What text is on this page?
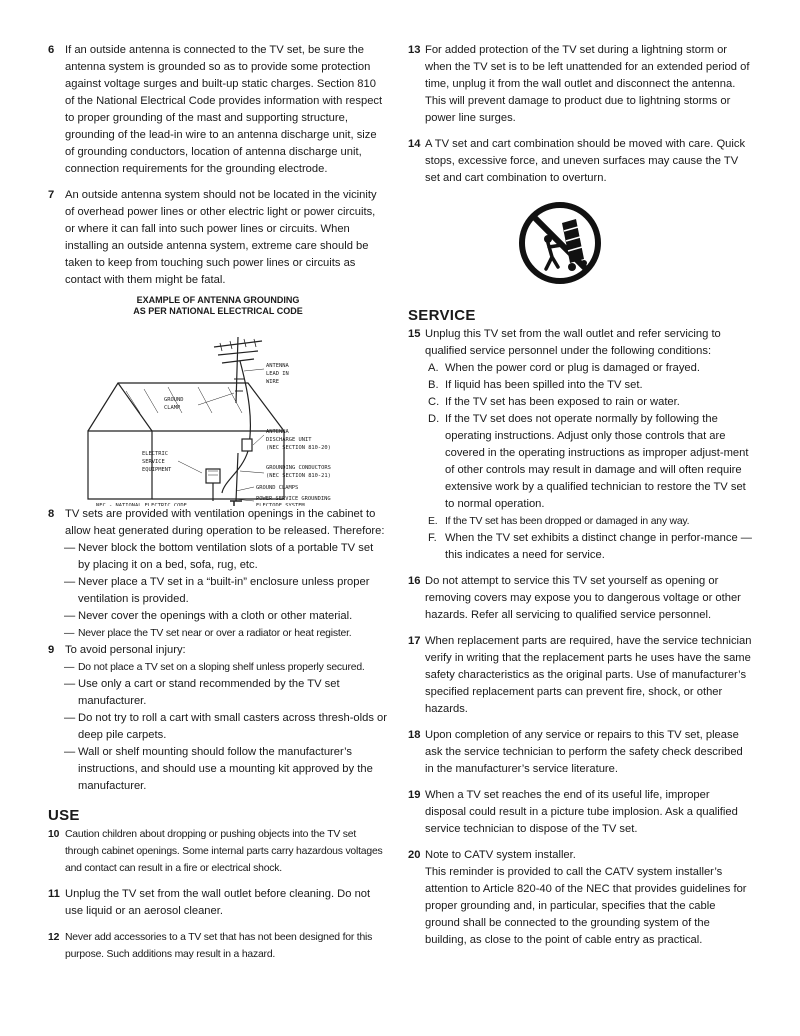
6 If an outside antenna is connected to the TV set, be sure the antenna system is grounded so as to provide some protection against voltage surges and built-up static charges. Section 810 of the National Electrical Code provides information with respect to proper grounding of the mast and supporting structure, grounding of the lead-in wire to an antenna discharge unit, size of grounding conductors, location of antenna discharge unit, connection requirements for the grounding electrode.

7 An outside antenna system should not be located in the vicinity of overhead power lines or other electric light or power circuits, or where it can fall into such power lines or circuits. When installing an outside antenna system, extreme care should be taken to keep from touching such power lines or circuits as contact with them might be fatal.

EXAMPLE OF ANTENNA GROUNDING
AS PER NATIONAL ELECTRICAL CODE
ANTENNA
LEAD IN
WIRE
GROUND
CLAMP
ANTENNA
DISCHARGE UNIT
(NEC SECTION 810-20)
ELECTRIC
SERVICE
EQUIPMENT	GROUNDING CONDUCTORS
(NEC SECTION 810-21)
GROUND CLAMPS
POWER SERVICE GROUNDING
ELECTODE SYSTEM
NEC - NATIONAL ELECTRIC CODE
8 TV sets are provided with ventilation openings in the cabinet to allow heat generated during operation to be released. Therefore:

— Never block the bottom ventilation slots of a portable TV set by placing it on a bed, sofa, rug, etc.
— Never place a TV set in a “built-in” enclosure unless proper ventilation is provided.
— Never cover the openings with a cloth or other material.
— Never place the TV set near or over a radiator or heat register.
9 To avoid personal injury:

— Do not place a TV set on a sloping shelf unless properly secured.
— Use only a cart or stand recommended by the TV set manufacturer.
— Do not try to roll a cart with small casters across thresh-olds or deep pile carpets.
— Wall or shelf mounting should follow the manufacturer’s instructions, and should use a mounting kit approved by the manufacturer.
USE
10 Caution children about dropping or pushing objects into the TV set through cabinet openings. Some internal parts carry hazardous voltages and contact can result in a fire or electrical shock.

11 Unplug the TV set from the wall outlet before cleaning. Do not use liquid or an aerosol cleaner.

12 Never add accessories to a TV set that has not been designed for this purpose. Such additions may result in a hazard.

13 For added protection of the TV set during a lightning storm or when the TV set is to be left unattended for an extended period of time, unplug it from the wall outlet and disconnect the antenna. This will prevent damage to product due to lightning storms or power line surges.

14 A TV set and cart combination should be moved with care. Quick stops, excessive force, and uneven surfaces may cause the TV set and cart combination to overturn.

SERVICE
15 Unplug this TV set from the wall outlet and refer servicing to qualified service personnel under the following conditions:

A. When the power cord or plug is damaged or frayed.
B. If liquid has been spilled into the TV set.
C. If the TV set has been exposed to rain or water.
D. If the TV set does not operate normally by following the operating instructions. Adjust only those controls that are covered in the operating instructions as improper adjust-ment of other controls may result in damage and will often require extensive work by a qualified technician to restore the TV set to normal operation.
E. If the TV set has been dropped or damaged in any way.
F. When the TV set exhibits a distinct change in perfor-mance — this indicates a need for service.
16 Do not attempt to service this TV set yourself as opening or removing covers may expose you to dangerous voltage or other hazards. Refer all servicing to qualified service personnel.

17 When replacement parts are required, have the service technician verify in writing that the replacement parts he uses have the same safety characteristics as the original parts. Use of manufacturer’s specified replacement parts can prevent fire, shock, or other hazards.

18 Upon completion of any service or repairs to this TV set, please ask the service technician to perform the safety check described in the manufacturer’s service literature.

19 When a TV set reaches the end of its useful life, improper disposal could result in a picture tube implosion. Ask a qualified service technician to dispose of the TV set.

20 Note to CATV system installer.

This reminder is provided to call the CATV system installer’s attention to Article 820-40 of the NEC that provides guidelines for proper grounding and, in particular, specifies that the cable ground shall be connected to the grounding system of the building, as close to the point of cable entry as practical.
